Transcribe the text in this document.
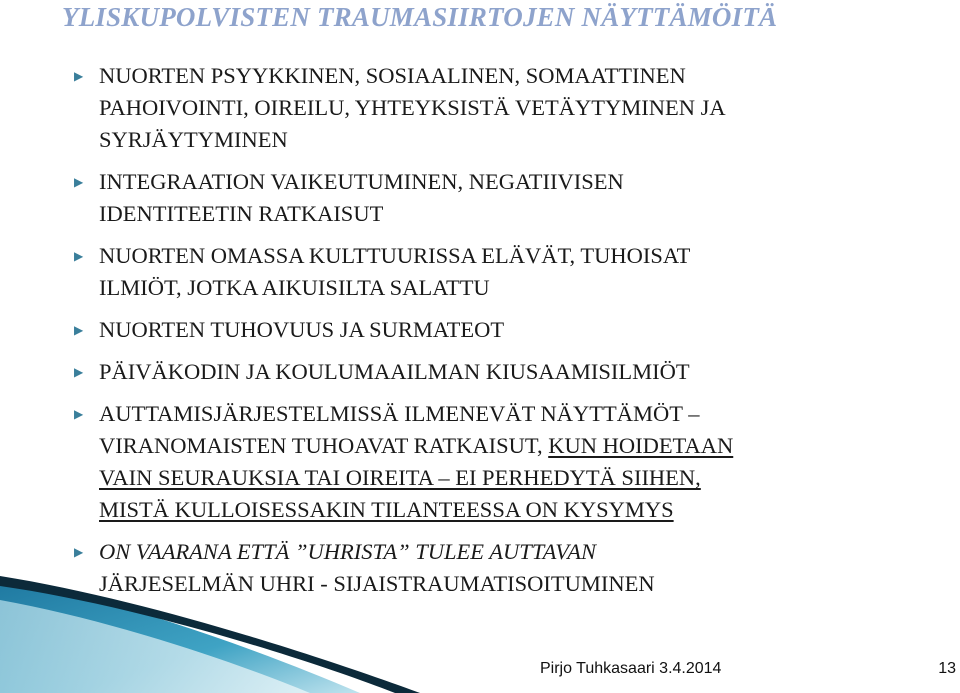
YLISKUPOLVISTEN TRAUMASIIRTOJEN NÄYTTÄMÖITÄ
▶ NUORTEN PSYYKKINEN, SOSIAALINEN, SOMAATTINEN
PAHOIVOINTI, OIREILU, YHTEYKSISTÄ VETÄYTYMINEN JA
SYRJÄYTYMINEN
▶ INTEGRAATION VAIKEUTUMINEN, NEGATIIVISEN
IDENTITEETIN RATKAISUT
▶ NUORTEN OMASSA KULTTUURISSA ELÄVÄT, TUHOISAT
ILMIÖT, JOTKA AIKUISILTA SALATTU
▶ NUORTEN TUHOVUUS JA SURMATEOT
▶ PÄIVÄKODIN JA KOULUMAAILMAN KIUSAAMISILMIÖT
▶ AUTTAMISJÄRJESTELMISSÄ ILMENEVÄT NÄYTTÄMÖT –
VIRANOMAISTEN TUHOAVAT RATKAISUT, KUN HOIDETAAN
VAIN SEURAUKSIA TAI OIREITA – EI PERHEDYTÄ SIIHEN,
MISTÄ KULLOISESSAKIN TILANTEESSA ON KYSYMYS
▶ ON VAARANA ETTÄ ”UHRISTA” TULEE AUTTAVAN
JÄRJESELMÄN UHRI - SIJAISTRAUMATISOITUMINEN
Pirjo Tuhkasaari 3.4.2014	13
